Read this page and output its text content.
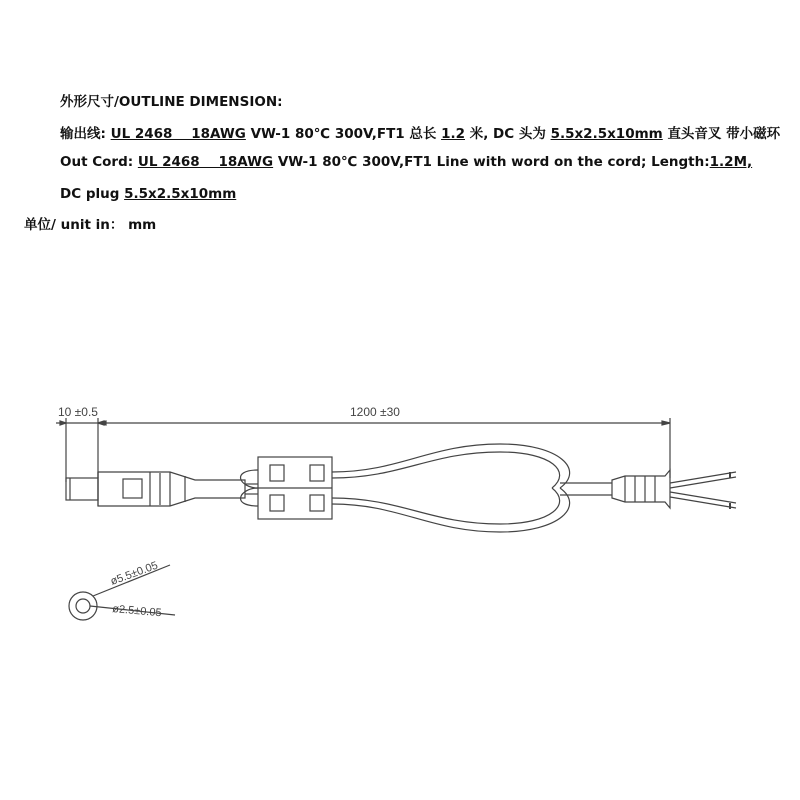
外形尺寸/OUTLINE DIMENSION:
输出线: UL 2468    18AWG VW-1 80℃ 300V,FT1 总长 1.2 米, DC 头为 5.5x2.5x10mm 直头音叉 带小磁环
Out Cord: UL 2468    18AWG VW-1 80℃ 300V,FT1 Line with word on the cord; Length:1.2M,
DC plug 5.5x2.5x10mm
单位/ unit in： mm
10 ±0.5	1200 ±30
ø5.5±0.05
ø2.5±0.05
